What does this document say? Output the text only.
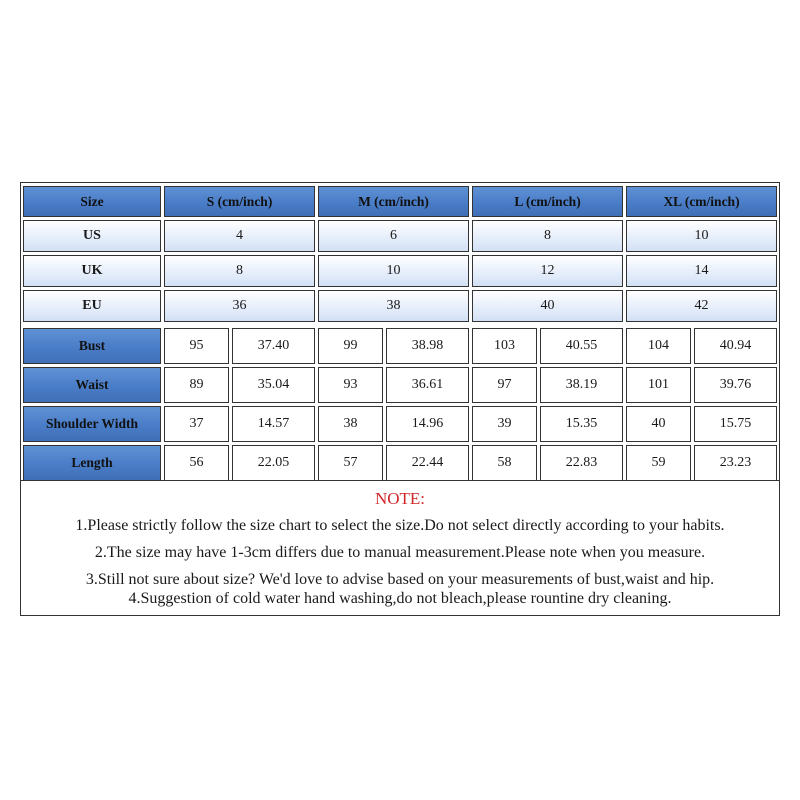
Size	S (cm/inch)	M (cm/inch)	L (cm/inch)	XL (cm/inch)
US	4	6	8	10
UK	8	10	12	14
EU	36	38	40	42
Bust	95	37.40	99	38.98	103	40.55	104	40.94
Waist	89	35.04	93	36.61	97	38.19	101	39.76
Shoulder Width	37	14.57	38	14.96	39	15.35	40	15.75
Length	56	22.05	57	22.44	58	22.83	59	23.23
NOTE:
1.Please strictly follow the size chart to select the size.Do not select directly according to your habits.
2.The size may have 1-3cm differs due to manual measurement.Please note when you measure.
3.Still not sure about size? We'd love to advise based on your measurements of bust,waist and hip.
4.Suggestion of cold water hand washing,do not bleach,please rountine dry cleaning.
